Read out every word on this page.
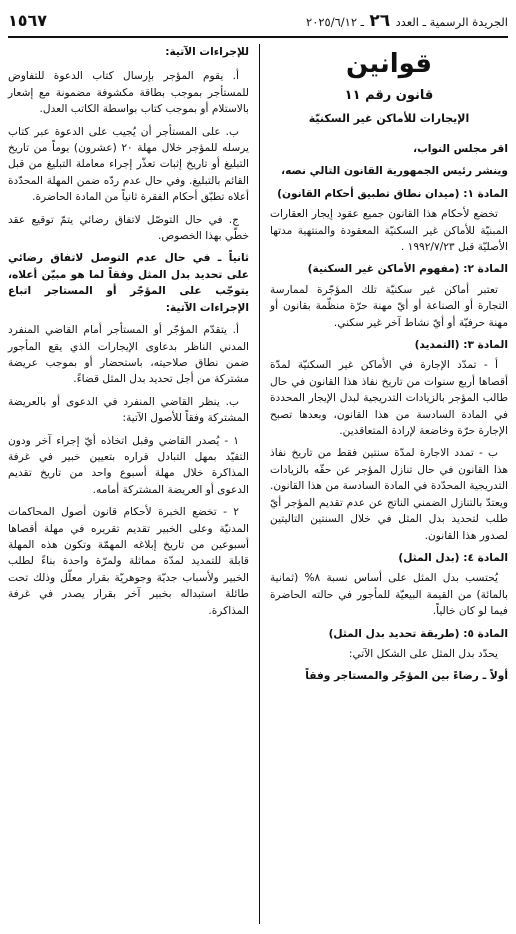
الجريدة الرسمية ـ العدد ٢٦ ـ ٢٠٢٥/٦/١٢
١٥٦٧
قوانين
قانون رقم ١١
الإيجارات للأماكن غير السكنيّة

اقر مجلس النواب،

وينشر رئيس الجمهورية القانون التالي نصه،

المادة ١: (ميدان نطاق تطبيق أحكام القانون)

تخضع لأحكام هذا القانون جميع عقود إيجار العقارات المبنيّة للأماكن غير السكنيّة المعقودة والمنتهية مدتها الأصليّة قبل ١٩٩٢/٧/٢٣ .

المادة ٢: (مفهوم الأماكن غير السكنية)

تعتبر أماكن غير سكنيّة تلك المؤجّرة لممارسة التجارة أو الصناعة أو أيّ مهنة حرّة منظّمة بقانون أو مهنة حرفيّة أو أيّ نشاط آخر غير سكني.

المادة ٣: (التمديد)

أ - تمدّد الإجارة في الأماكن غير السكنيّة لمدّة أقصاها أربع سنوات من تاريخ نفاذ هذا القانون في حال طالب المؤجر بالزيادات التدريجية لبدل الإيجار المحددة في المادة السادسة من هذا القانون، وبعدها تصبح الإجارة حرّة وخاضعة لإرادة المتعاقدين.

ب - تمدد الاجارة لمدّة سنتين فقط من تاريخ نفاذ هذا القانون في حال تنازل المؤجر عن حقّه بالزيادات التدريجية المحدّدة في المادة السادسة من هذا القانون. ويعتدّ بالتنازل الضمني الناتج عن عدم تقديم المؤجر أيّ طلب لتحديد بدل المثل في خلال السنتين التاليتين لصدور هذا القانون.

المادة ٤: (بدل المثل)

يُحتسب بدل المثل على أساس نسبة ٨% (ثمانية بالمائة) من القيمة البيعيّة للمأجور في حالته الحاضرة فيما لو كان خالياً.

المادة ٥: (طريقة تحديد بدل المثل)

يحدّد بدل المثل على الشكل الآتي:

أولاً ـ رضاءً بين المؤجّر والمستاجر وفقاً

للإجراءات الآتية:

أ. يقوم المؤجر بإرسال كتاب الدعوة للتفاوض للمستأجر بموجب بطاقة مكشوفة مضمونة مع إشعار بالاستلام أو بموجب كتاب بواسطة الكاتب العدل.

ب. على المستأجر أن يُجيب على الدعوة عبر كتاب يرسله للمؤجر خلال مهلة ٢٠ (عشرون) يوماً من تاريخ التبليغ أو تاريخ إثبات تعذّر إجراء معاملة التبليغ من قبل القائم بالتبليغ. وفي حال عدم ردّه ضمن المهلة المحدّدة أعلاه تطبّق أحكام الفقرة ثانياً من المادة الحاضرة.

ج. في حال التوصّل لاتفاق رضائي يتمّ توقيع عقد خطّي بهذا الخصوص.

ثانياً ـ في حال عدم التوصل لاتفاق رضائي على تحديد بدل المثل وفقاً لما هو مبيّن أعلاه، يتوجّب على المؤجّر أو المستاجر اتباع الإجراءات الآتية:

أ. يتقدّم المؤجّر أو المستأجر أمام القاضي المنفرد المدني الناظر بدعاوى الإيجارات الذي يقع المأجور ضمن نطاق صلاحيته، باستحضار أو بموجب عريضة مشتركة من أجل تحديد بدل المثل قضاءً.

ب. ينظر القاضي المنفرد في الدعوى أو بالعريضة المشتركة وفقاً للأصول الآتية:

١ - يُصدر القاضي وقبل اتخاذه أيّ إجراء آخر ودون التقيّد بمهل التبادل قراره بتعيين خبير في غرفة المذاكرة خلال مهلة أسبوع واحد من تاريخ تقديم الدعوى أو العريضة المشتركة أمامه.

٢ - تخضع الخبرة لأحكام قانون أصول المحاكمات المدنيّة وعلى الخبير تقديم تقريره في مهلة أقصاها أسبوعين من تاريخ إبلاغه المهمّة وتكون هذه المهلة قابلة للتمديد لمدّة مماثلة ولمرّة واحدة بناءً لطلب الخبير ولأسباب جديّة وجوهريّة بقرار معلّل وذلك تحت طائلة استبداله بخبير آخر بقرار يصدر في غرفة المذاكرة.
